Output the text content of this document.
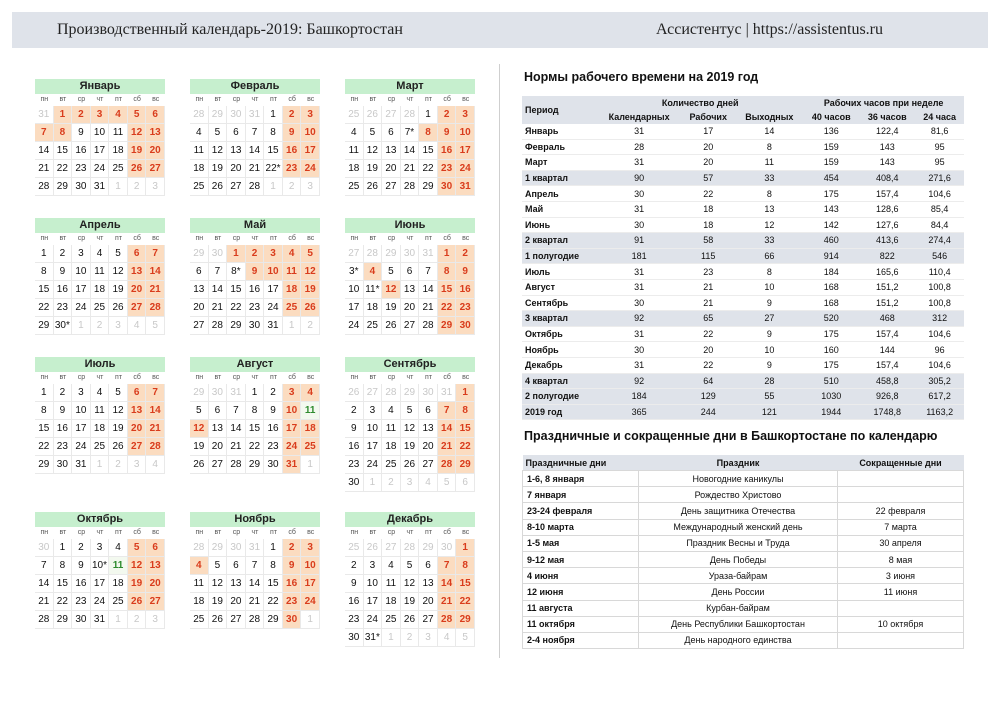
Производственный календарь-2019: Башкортостан	Ассистентус | https://assistentus.ru
Январь
пн	вт	ср	чт	пт	сб	вс
31	1	2	3	4	5	6
7	8	9	10 11 12 13
14 15 16 17 18 19 20
21 22 23 24 25 26 27
28 29 30 31	1	2	3
Февраль
пн	вт	ср	чт	пт	сб	вс
28 29 30 31	1	2	3
4	5	6	7	8	9	10
11 12 13 14 15 16 17
18 19 20 21 22* 23 24
25 26 27 28	1	2	3
Март
пн	вт	ср	чт	пт	сб	вс
25 26 27 28	1	2	3
4	5	6	7*	8	9	10
11 12 13 14 15 16 17
18 19 20 21 22 23 24
25 26 27 28 29 30 31
Апрель
пн	вт	ср	чт	пт	сб	вс
1	2	3	4	5	6	7
8	9	10 11 12 13 14
15 16 17 18 19 20 21
22 23 24 25 26 27 28
29 30* 1	2	3	4	5
Май
пн	вт	ср	чт	пт	сб	вс
29 30	1	2	3	4	5
6	7	8*	9	10 11 12
13 14 15 16 17 18 19
20 21 22 23 24 25 26
27 28 29 30 31	1	2
Июнь
пн	вт	ср	чт	пт	сб	вс
27 28 29 30 31	1	2
3*	4	5	6	7	8	9
10 11* 12 13 14 15 16
17 18 19 20 21 22 23
24 25 26 27 28 29 30
Июль
пн	вт	ср	чт	пт	сб	вс
1	2	3	4	5	6	7
8	9	10 11 12 13 14
15 16 17 18 19 20 21
22 23 24 25 26 27 28
29 30 31	1	2	3	4
Август
пн	вт	ср	чт	пт	сб	вс
29 30 31	1	2	3	4
5	6	7	8	9	10 11
12 13 14 15 16 17 18
19 20 21 22 23 24 25
26 27 28 29 30 31	1
Сентябрь
пн	вт	ср	чт	пт	сб	вс
26 27 28 29 30 31	1
2	3	4	5	6	7	8
9	10 11 12 13 14 15
16 17 18 19 20 21 22
23 24 25 26 27 28 29
30	1	2	3	4	5	6
Октябрь
пн	вт	ср	чт	пт	сб	вс
30	1	2	3	4	5	6
7	8	9 10* 11 12 13
14 15 16 17 18 19 20
21 22 23 24 25 26 27
28 29 30 31	1	2	3
Ноябрь
пн	вт	ср	чт	пт	сб	вс
28 29 30 31	1	2	3
4	5	6	7	8	9	10
11 12 13 14 15 16 17
18 19 20 21 22 23 24
25 26 27 28 29 30	1
Декабрь
пн	вт	ср	чт	пт	сб	вс
25 26 27 28 29 30	1
2	3	4	5	6	7	8
9	10 11 12 13 14 15
16 17 18 19 20 21 22
23 24 25 26 27 28 29
30 31* 1	2	3	4	5
Нормы рабочего времени на 2019 год
Период	Количество дней			Рабочих часов при неделе		
	Календарных	Рабочих	Выходных	40 часов	36 часов	24 часа
Январь	31	17	14	136	122,4	81,6
Февраль	28	20	8	159	143	95
Март	31	20	11	159	143	95
1 квартал	90	57	33	454	408,4	271,6
Апрель	30	22	8	175	157,4	104,6
Май	31	18	13	143	128,6	85,4
Июнь	30	18	12	142	127,6	84,4
2 квартал	91	58	33	460	413,6	274,4
1 полугодие	181	115	66	914	822	546
Июль	31	23	8	184	165,6	110,4
Август	31	21	10	168	151,2	100,8
Сентябрь	30	21	9	168	151,2	100,8
3 квартал	92	65	27	520	468	312
Октябрь	31	22	9	175	157,4	104,6
Ноябрь	30	20	10	160	144	96
Декабрь	31	22	9	175	157,4	104,6
4 квартал	92	64	28	510	458,8	305,2
2 полугодие	184	129	55	1030	926,8	617,2
2019 год	365	244	121	1944	1748,8	1163,2
Праздничные и сокращенные дни в Башкортостане по календарю
Праздничные дни	Праздник	Сокращенные дни
1-6, 8 января	Новогодние каникулы	
7 января	Рождество Христово	
23-24 февраля	День защитника Отечества	22 февраля
8-10 марта	Международный женский день	7 марта
1-5 мая	Праздник Весны и Труда	30 апреля
9-12 мая	День Победы	8 мая
4 июня	Ураза-байрам	3 июня
12 июня	День России	11 июня
11 августа	Курбан-байрам	
11 октября	День Республики Башкортостан	10 октября
2-4 ноября	День народного единства	
